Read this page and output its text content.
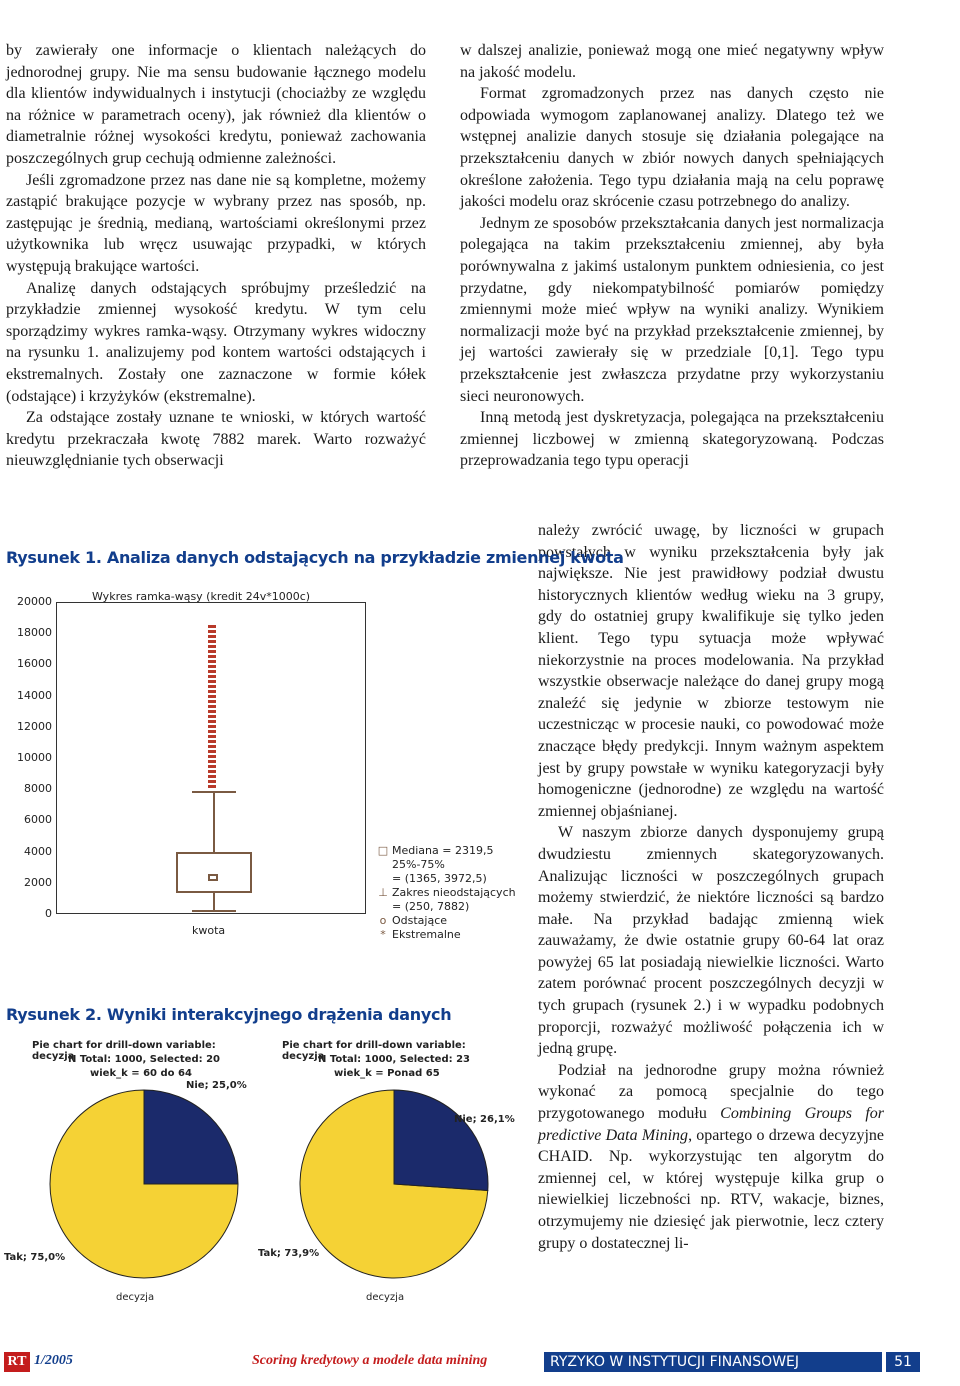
by zawierały one informacje o klientach należących do jednorodnej grupy. Nie ma sensu budowanie łącznego modelu dla klientów indywidualnych i instytucji (chociażby ze względu na różnice w parametrach oceny), jak również dla klientów o diametralnie różnej wysokości kredytu, ponieważ zachowania poszczególnych grup cechują odmienne zależności.

Jeśli zgromadzone przez nas dane nie są kompletne, możemy zastąpić brakujące pozycje w wybrany przez nas sposób, np. zastępując je średnią, medianą, wartościami określonymi przez użytkownika lub wręcz usuwając przypadki, w których występują brakujące wartości.

Analizę danych odstających spróbujmy prześledzić na przykładzie zmiennej wysokość kredytu. W tym celu sporządzimy wykres ramka-wąsy. Otrzymany wykres widoczny na rysunku 1. analizujemy pod kontem wartości odstających i ekstremalnych. Zostały one zaznaczone w formie kółek (odstające) i krzyżyków (ekstremalne).

Za odstające zostały uznane te wnioski, w których wartość kredytu przekraczała kwotę 7882 marek. Warto rozważyć nieuwzględnianie tych obserwacji

w dalszej analizie, ponieważ mogą one mieć negatywny wpływ na jakość modelu.

Format zgromadzonych przez nas danych często nie odpowiada wymogom zaplanowanej analizy. Dlatego też we wstępnej analizie danych stosuje się działania polegające na przekształceniu danych w zbiór nowych danych spełniających określone założenia. Tego typu działania mają na celu poprawę jakości modelu oraz skrócenie czasu potrzebnego do analizy.

Jednym ze sposobów przekształcania danych jest normalizacja polegająca na takim przekształceniu zmiennej, aby była porównywalna z jakimś ustalonym punktem odniesienia, co jest przydatne, gdy niekompatybilność pomiarów pomiędzy zmiennymi może mieć wpływ na wyniki analizy. Wynikiem normalizacji może być na przykład przekształcenie zmiennej, by jej wartości zawierały się w przedziale [0,1]. Tego typu przekształcenie jest zwłaszcza przydatne przy wykorzystaniu sieci neuronowych.

Inną metodą jest dyskretyzacja, polegająca na przekształceniu zmiennej liczbowej w zmienną skategoryzowaną. Podczas przeprowadzania tego typu operacji

należy zwrócić uwagę, by liczności w grupach powstałych w wyniku przekształcenia były jak największe. Nie jest prawidłowy podział dwustu historycznych klientów według wieku na 3 grupy, gdy do ostatniej grupy kwalifikuje się tylko jeden klient. Tego typu sytuacja może wpływać niekorzystnie na proces modelowania. Na przykład wszystkie obserwacje należące do danej grupy mogą znaleźć się jedynie w zbiorze testowym nie uczestnicząc w procesie nauki, co powodować może znaczące błędy predykcji. Innym ważnym aspektem jest by grupy powstałe w wyniku kategoryzacji były homogeniczne (jednorodne) ze względu na wartość zmiennej objaśnianej.

W naszym zbiorze danych dysponujemy grupą dwudziestu zmiennych skategoryzowanych. Analizując liczności w poszczególnych grupach możemy stwierdzić, że niektóre liczności są bardzo małe. Na przykład badając zmienną wiek zauważamy, że dwie ostatnie grupy 60-64 lat oraz powyżej 65 lat posiadają niewielkie liczności. Warto zatem porównać procent poszczególnych decyzji w tych grupach (rysunek 2.) i w wypadku podobnych proporcji, rozważyć możliwość połączenia ich w jedną grupę.

Podział na jednorodne grupy można również wykonać za pomocą specjalnie do tego przygotowanego modułu Combining Groups for predictive Data Mining, opartego o drzewa decyzyjne CHAID. Np. wykorzystując ten algorytm do zmiennej cel, w której występuje kilka grup o niewielkiej liczebności np. RTV, wakacje, biznes, otrzymujemy nie dziesięć jak pierwotnie, lecz cztery grupy o dostatecznej li-

Rysunek 1. Analiza danych odstających na przykładzie zmiennej kwota
Wykres ramka-wąsy (kredit 24v*1000c)
20000
18000
16000
14000
12000
10000
8000
6000
4000
2000
0
kwota
□ Mediana = 2319,5
25%-75%
= (1365, 3972,5)
⊥ Zakres nieodstających
= (250, 7882)
o Odstające
* Ekstremalne
Rysunek 2. Wyniki interakcyjnego drążenia danych
Pie chart for drill-down variable: decyzja
N Total: 1000, Selected: 20
wiek_k = 60 do 64
Nie; 25,0%
Tak; 75,0%
decyzja
Pie chart for drill-down variable: decyzja
N Total: 1000, Selected: 23
wiek_k = Ponad 65
Nie; 26,1%
Tak; 73,9%
decyzja
RT 1/2005	Scoring kredytowy a modele data mining	RYZYKO W INSTYTUCJI FINANSOWEJ	51
